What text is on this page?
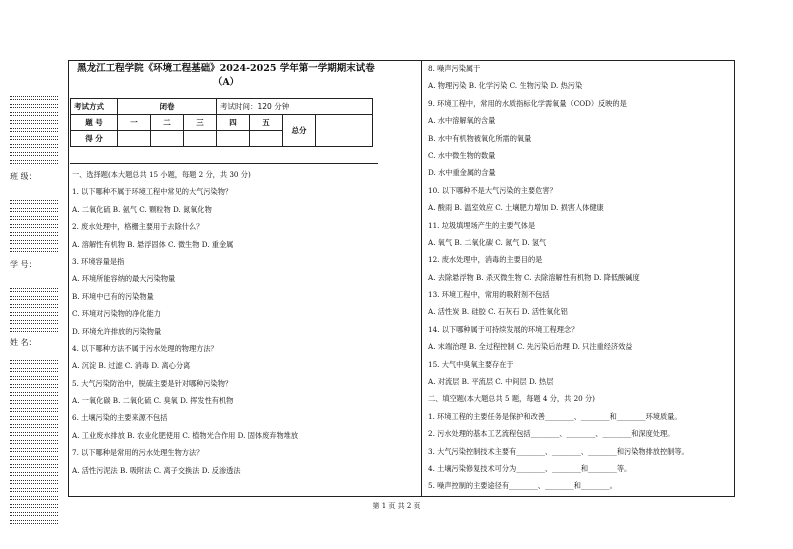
班 级：
学 号：
姓 名：
黑龙江工程学院《环境工程基础》2024-2025 学年第一学期期末试卷
（A）
考试方式	闭卷			考试时间：120 分钟			
题 号	一	二	三	四	五	总分	
得 分							
一、选择题(本大题总共 15 小题，每题 2 分，共 30 分)
1. 以下哪种不属于环境工程中常见的大气污染物？
A. 二氧化硫 B. 氨气 C. 颗粒物 D. 氮氧化物
2. 废水处理中，格栅主要用于去除什么？
A. 溶解性有机物 B. 悬浮固体 C. 微生物 D. 重金属
3. 环境容量是指
A. 环境所能容纳的最大污染物量
B. 环境中已有的污染物量
C. 环境对污染物的净化能力
D. 环境允许排放的污染物量
4. 以下哪种方法不属于污水处理的物理方法？
A. 沉淀 B. 过滤 C. 消毒 D. 离心分离
5. 大气污染防治中，脱硫主要是针对哪种污染物？
A. 一氧化碳 B. 二氧化硫 C. 臭氧 D. 挥发性有机物
6. 土壤污染的主要来源不包括
A. 工业废水排放 B. 农业化肥使用 C. 植物光合作用 D. 固体废弃物堆放
7. 以下哪种是常用的污水处理生物方法？
A. 活性污泥法 B. 吸附法 C. 离子交换法 D. 反渗透法
8. 噪声污染属于
A. 物理污染 B. 化学污染 C. 生物污染 D. 热污染
9. 环境工程中，常用的水质指标化学需氧量（COD）反映的是
A. 水中溶解氧的含量
B. 水中有机物被氧化所需的氧量
C. 水中微生物的数量
D. 水中重金属的含量
10. 以下哪种不是大气污染的主要危害？
A. 酸雨 B. 温室效应 C. 土壤肥力增加 D. 损害人体健康
11. 垃圾填埋场产生的主要气体是
A. 氧气 B. 二氧化碳 C. 氮气 D. 氢气
12. 废水处理中，消毒的主要目的是
A. 去除悬浮物 B. 杀灭微生物 C. 去除溶解性有机物 D. 降低酸碱度
13. 环境工程中，常用的吸附剂不包括
A. 活性炭 B. 硅胶 C. 石灰石 D. 活性氧化铝
14. 以下哪种属于可持续发展的环境工程理念？
A. 末端治理 B. 全过程控制 C. 先污染后治理 D. 只注重经济效益
15. 大气中臭氧主要存在于
A. 对流层 B. 平流层 C. 中间层 D. 热层
二、填空题(本大题总共 5 题，每题 4 分，共 20 分)
1. 环境工程的主要任务是保护和改善________、________和________环境质量。
2. 污水处理的基本工艺流程包括________、________、________和深度处理。
3. 大气污染控制技术主要有________、________、________和污染物排放控制等。
4. 土壤污染修复技术可分为________、________和________等。
5. 噪声控制的主要途径有________、________和________。
第 1 页 共 2 页
